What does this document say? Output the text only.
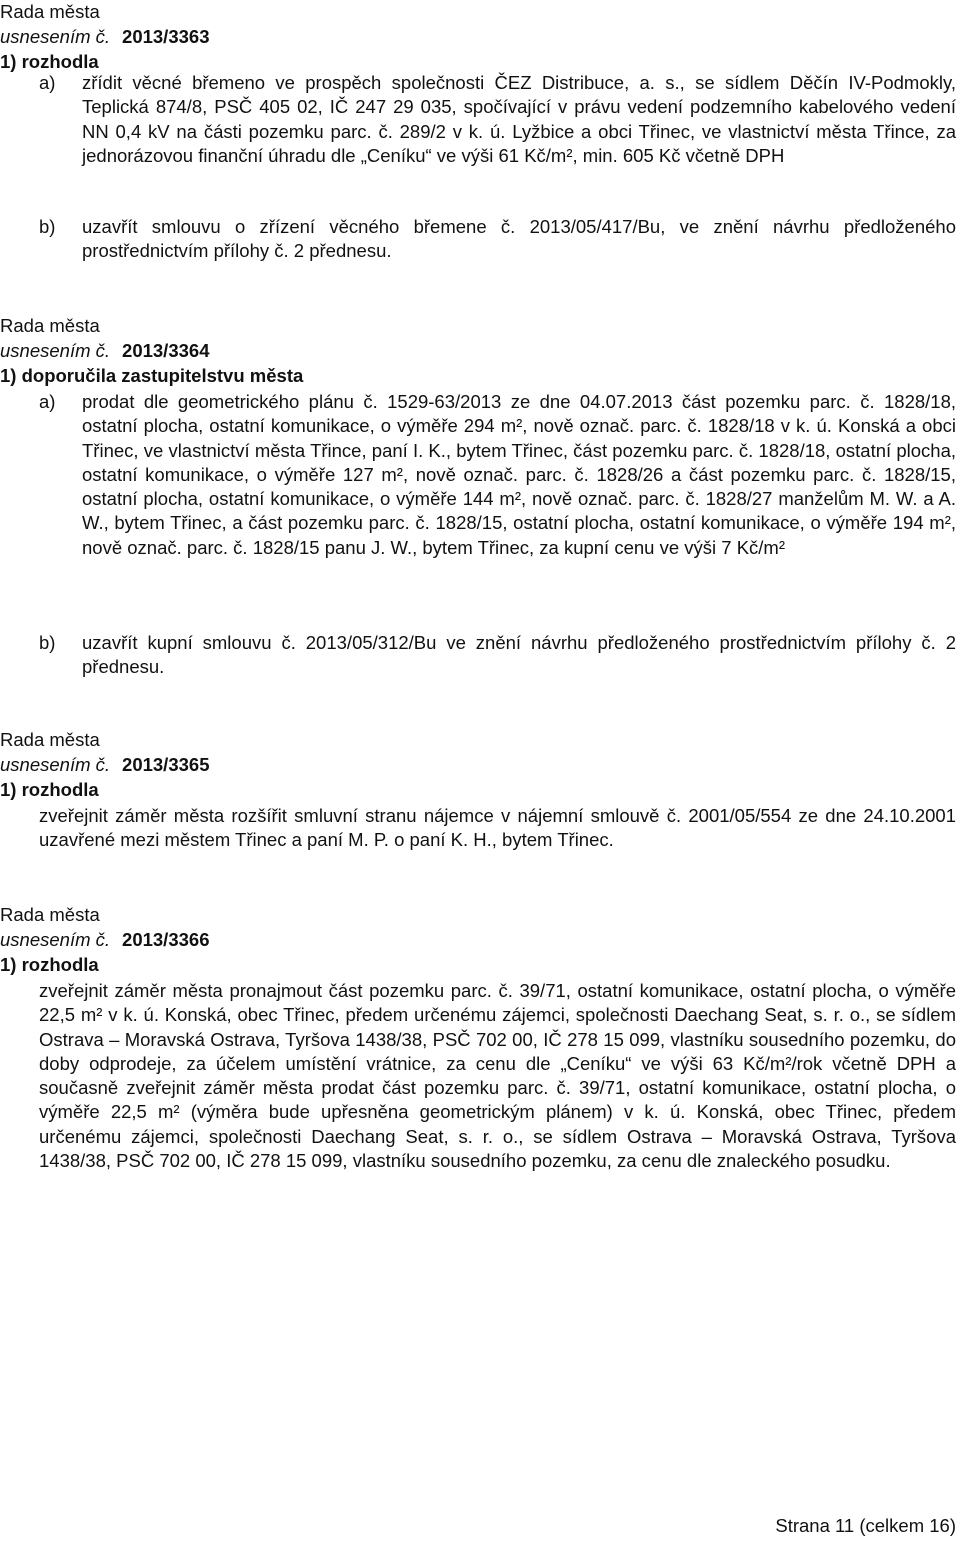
Rada města
usnesením č. 2013/3363
1) rozhodla
a) zřídit věcné břemeno ve prospěch společnosti ČEZ Distribuce, a. s., se sídlem Děčín IV-Podmokly, Teplická 874/8, PSČ 405 02, IČ 247 29 035, spočívající v právu vedení podzemního kabelového vedení NN 0,4 kV na části pozemku parc. č. 289/2 v k. ú. Lyžbice a obci Třinec, ve vlastnictví města Třince, za jednorázovou finanční úhradu dle „Ceníku“ ve výši 61 Kč/m², min. 605 Kč včetně DPH
b) uzavřít smlouvu o zřízení věcného břemene č. 2013/05/417/Bu, ve znění návrhu předloženého prostřednictvím přílohy č. 2 přednesu.
Rada města
usnesením č. 2013/3364
1) doporučila zastupitelstvu města
a) prodat dle geometrického plánu č. 1529-63/2013 ze dne 04.07.2013 část pozemku parc. č. 1828/18, ostatní plocha, ostatní komunikace, o výměře 294 m², nově označ. parc. č. 1828/18 v k. ú. Konská a obci Třinec, ve vlastnictví města Třince, paní I. K., bytem Třinec, část pozemku parc. č. 1828/18, ostatní plocha, ostatní komunikace, o výměře 127 m², nově označ. parc. č. 1828/26 a část pozemku parc. č. 1828/15, ostatní plocha, ostatní komunikace, o výměře 144 m², nově označ. parc. č. 1828/27 manželům M. W. a A. W., bytem Třinec, a část pozemku parc. č. 1828/15, ostatní plocha, ostatní komunikace, o výměře 194 m², nově označ. parc. č. 1828/15 panu J. W., bytem Třinec, za kupní cenu ve výši 7 Kč/m²
b) uzavřít kupní smlouvu č. 2013/05/312/Bu ve znění návrhu předloženého prostřednictvím přílohy č. 2 přednesu.
Rada města
usnesením č. 2013/3365
1) rozhodla
zveřejnit záměr města rozšířit smluvní stranu nájemce v nájemní smlouvě č. 2001/05/554 ze dne 24.10.2001 uzavřené mezi městem Třinec a paní M. P. o paní K. H., bytem Třinec.
Rada města
usnesením č. 2013/3366
1) rozhodla
zveřejnit záměr města pronajmout část pozemku parc. č. 39/71, ostatní komunikace, ostatní plocha, o výměře 22,5 m² v k. ú. Konská, obec Třinec, předem určenému zájemci, společnosti Daechang Seat, s. r. o., se sídlem Ostrava – Moravská Ostrava, Tyršova 1438/38, PSČ 702 00, IČ 278 15 099, vlastníku sousedního pozemku, do doby odprodeje, za účelem umístění vrátnice, za cenu dle „Ceníku“ ve výši 63 Kč/m²/rok včetně DPH a současně zveřejnit záměr města prodat část pozemku parc. č. 39/71, ostatní komunikace, ostatní plocha, o výměře 22,5 m² (výměra bude upřesněna geometrickým plánem) v k. ú. Konská, obec Třinec, předem určenému zájemci, společnosti Daechang Seat, s. r. o., se sídlem Ostrava – Moravská Ostrava, Tyršova 1438/38, PSČ 702 00, IČ 278 15 099, vlastníku sousedního pozemku, za cenu dle znaleckého posudku.
Strana 11 (celkem 16)
